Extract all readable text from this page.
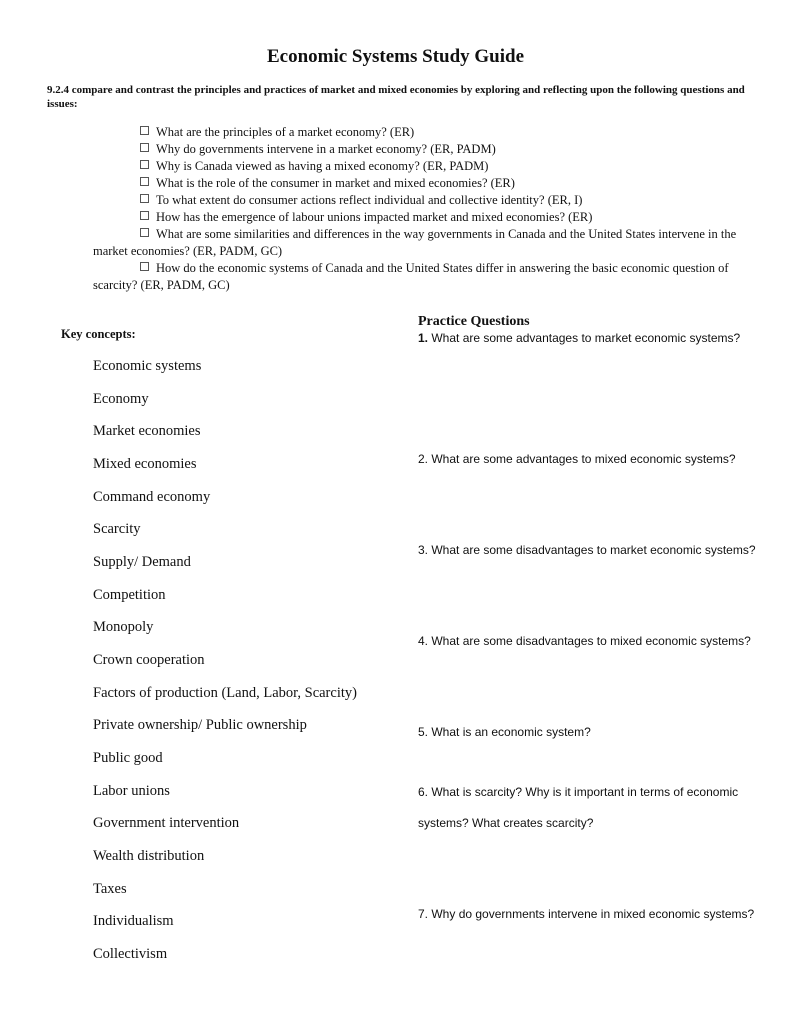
Economic Systems Study Guide
9.2.4 compare and contrast the principles and practices of market and mixed economies by exploring and reflecting upon the following questions and issues:
What are the principles of a market economy? (ER)
Why do governments intervene in a market economy? (ER, PADM)
Why is Canada viewed as having a mixed economy? (ER, PADM)
What is the role of the consumer in market and mixed economies? (ER)
To what extent do consumer actions reflect individual and collective identity? (ER, I)
How has the emergence of labour unions impacted market and mixed economies? (ER)
What are some similarities and differences in the way governments in Canada and the United States intervene in the market economies? (ER, PADM, GC)
How do the economic systems of Canada and the United States differ in answering the basic economic question of scarcity? (ER, PADM, GC)
Key concepts:
Economic systems
Economy
Market economies
Mixed economies
Command economy
Scarcity
Supply/ Demand
Competition
Monopoly
Crown cooperation
Factors of production (Land, Labor, Scarcity)
Private ownership/ Public ownership
Public good
Labor unions
Government intervention
Wealth distribution
Taxes
Individualism
Collectivism
Practice Questions
1. What are some advantages to market economic systems?
2. What are some advantages to mixed economic systems?
3. What are some disadvantages to market economic systems?
4. What are some disadvantages to mixed economic systems?
5. What is an economic system?
6. What is scarcity? Why is it important in terms of economic systems? What creates scarcity?
7. Why do governments intervene in mixed economic systems?
